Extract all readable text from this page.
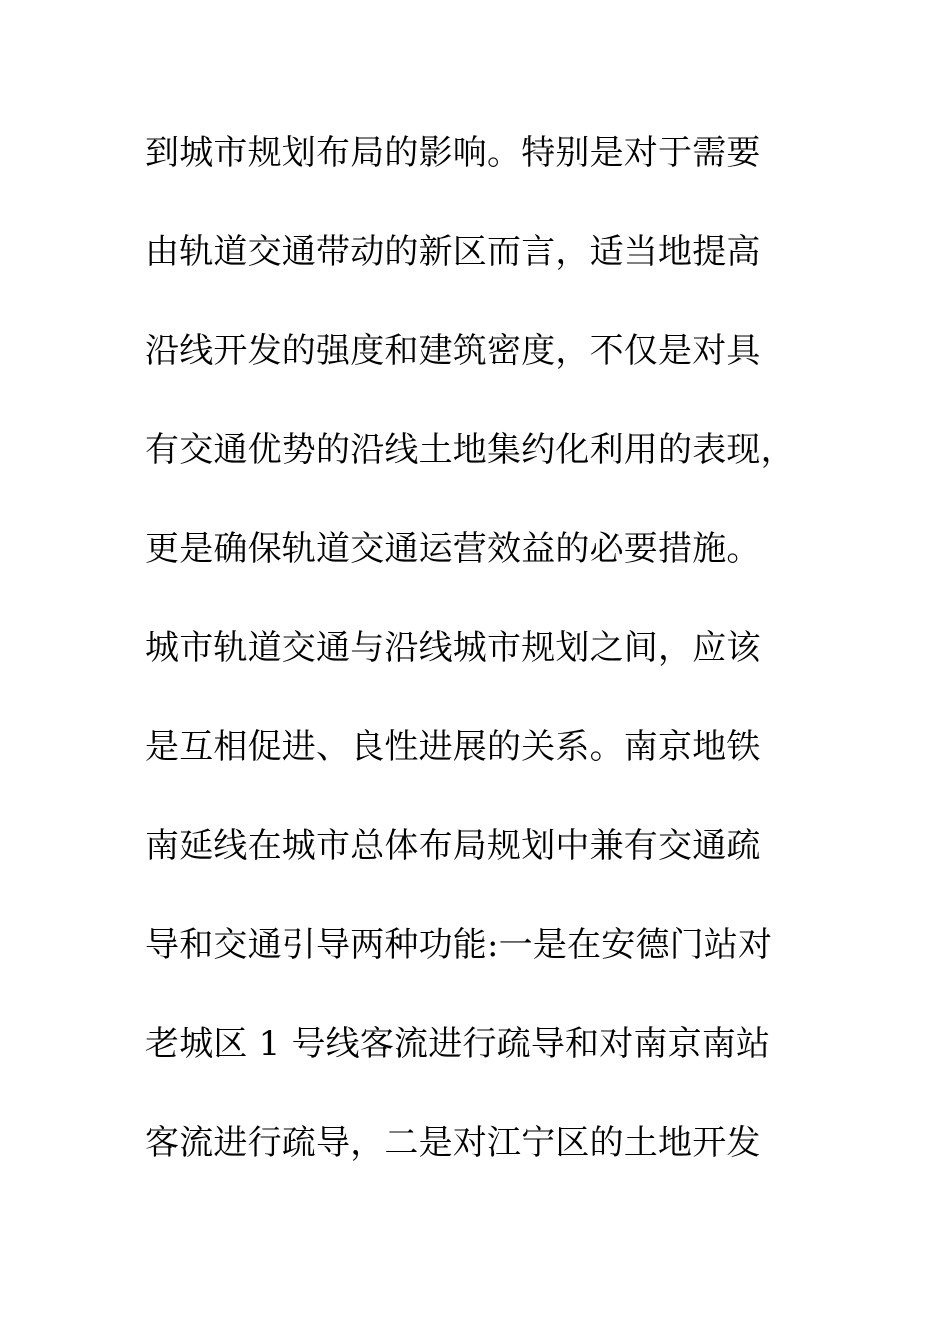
到城市规划布局的影响。特别是对于需要
由轨道交通带动的新区而言，适当地提高
沿线开发的强度和建筑密度，不仅是对具
有交通优势的沿线土地集约化利用的表现，
更是确保轨道交通运营效益的必要措施。
城市轨道交通与沿线城市规划之间，应该
是互相促进、良性进展的关系。南京地铁
南延线在城市总体布局规划中兼有交通疏
导和交通引导两种功能:一是在安德门站对
老城区 1 号线客流进行疏导和对南京南站
客流进行疏导，二是对江宁区的土地开发
